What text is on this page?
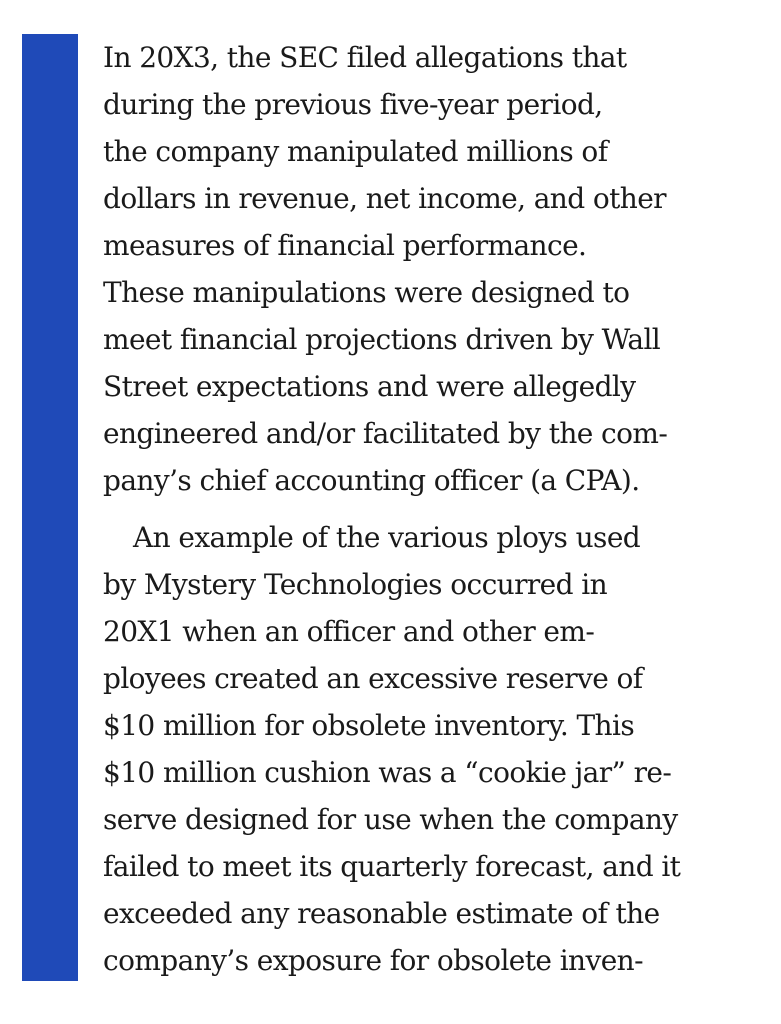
In 20X3, the SEC filed allegations that
during the previous five-year period,
the company manipulated millions of
dollars in revenue, net income, and other
measures of financial performance.
These manipulations were designed to
meet financial projections driven by Wall
Street expectations and were allegedly
engineered and/or facilitated by the com-
pany’s chief accounting officer (a CPA).
An example of the various ploys used
by Mystery Technologies occurred in
20X1 when an officer and other em-
ployees created an excessive reserve of
$10 million for obsolete inventory. This
$10 million cushion was a “cookie jar” re-
serve designed for use when the company
failed to meet its quarterly forecast, and it
exceeded any reasonable estimate of the
company’s exposure for obsolete inven-
